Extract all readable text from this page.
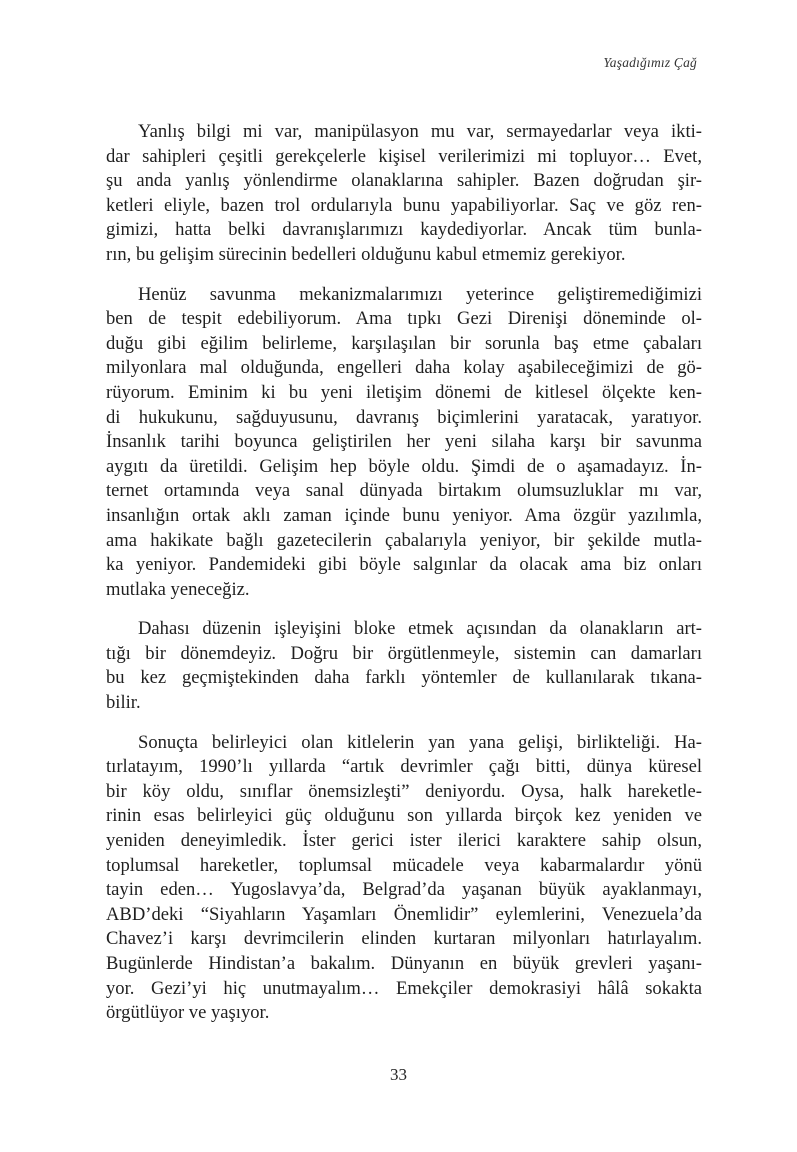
Yaşadığımız Çağ

Yanlış bilgi mi var, manipülasyon mu var, sermayedarlar veya ikti-
dar sahipleri çeşitli gerekçelerle kişisel verilerimizi mi topluyor… Evet,
şu anda yanlış yönlendirme olanaklarına sahipler. Bazen doğrudan şir-
ketleri eliyle, bazen trol ordularıyla bunu yapabiliyorlar. Saç ve göz ren-
gimizi, hatta belki davranışlarımızı kaydediyorlar. Ancak tüm bunla-
rın, bu gelişim sürecinin bedelleri olduğunu kabul etmemiz gerekiyor.

Henüz savunma mekanizmalarımızı yeterince geliştiremediğimizi
ben de tespit edebiliyorum. Ama tıpkı Gezi Direnişi döneminde ol-
duğu gibi eğilim belirleme, karşılaşılan bir sorunla baş etme çabaları
milyonlara mal olduğunda, engelleri daha kolay aşabileceğimizi de gö-
rüyorum. Eminim ki bu yeni iletişim dönemi de kitlesel ölçekte ken-
di hukukunu, sağduyusunu, davranış biçimlerini yaratacak, yaratıyor.
İnsanlık tarihi boyunca geliştirilen her yeni silaha karşı bir savunma
aygıtı da üretildi. Gelişim hep böyle oldu. Şimdi de o aşamadayız. İn-
ternet ortamında veya sanal dünyada birtakım olumsuzluklar mı var,
insanlığın ortak aklı zaman içinde bunu yeniyor. Ama özgür yazılımla,
ama hakikate bağlı gazetecilerin çabalarıyla yeniyor, bir şekilde mutla-
ka yeniyor. Pandemideki gibi böyle salgınlar da olacak ama biz onları
mutlaka yeneceğiz.

Dahası düzenin işleyişini bloke etmek açısından da olanakların art-
tığı bir dönemdeyiz. Doğru bir örgütlenmeyle, sistemin can damarları
bu kez geçmiştekinden daha farklı yöntemler de kullanılarak tıkana-
bilir.

Sonuçta belirleyici olan kitlelerin yan yana gelişi, birlikteliği. Ha-
tırlatayım, 1990’lı yıllarda “artık devrimler çağı bitti, dünya küresel
bir köy oldu, sınıflar önemsizleşti” deniyordu. Oysa, halk hareketle-
rinin esas belirleyici güç olduğunu son yıllarda birçok kez yeniden ve
yeniden deneyimledik. İster gerici ister ilerici karaktere sahip olsun,
toplumsal hareketler, toplumsal mücadele veya kabarmalardır yönü
tayin eden… Yugoslavya’da, Belgrad’da yaşanan büyük ayaklanmayı,
ABD’deki “Siyahların Yaşamları Önemlidir” eylemlerini, Venezuela’da
Chavez’i karşı devrimcilerin elinden kurtaran milyonları hatırlayalım.
Bugünlerde Hindistan’a bakalım. Dünyanın en büyük grevleri yaşanı-
yor. Gezi’yi hiç unutmayalım… Emekçiler demokrasiyi hâlâ sokakta
örgütlüyor ve yaşıyor.

33
